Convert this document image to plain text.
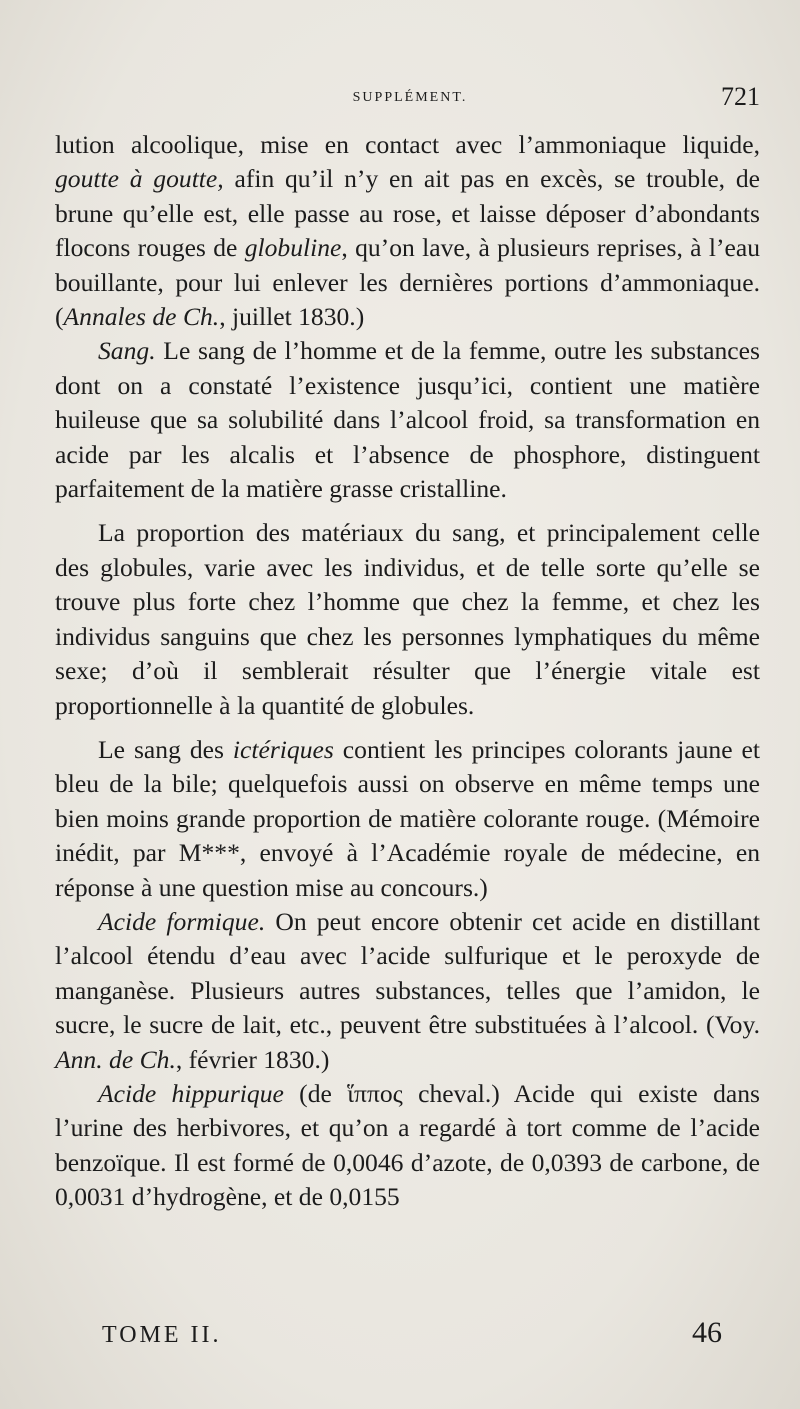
SUPPLÉMENT.	721

lution alcoolique, mise en contact avec l’ammoniaque liquide, goutte à goutte, afin qu’il n’y en ait pas en excès, se trouble, de brune qu’elle est, elle passe au rose, et laisse déposer d’abondants flocons rouges de globuline, qu’on lave, à plusieurs reprises, à l’eau bouillante, pour lui enlever les dernières portions d’ammoniaque. (Annales de Ch., juillet 1830.)

Sang. Le sang de l’homme et de la femme, outre les substances dont on a constaté l’existence jusqu’ici, contient une matière huileuse que sa solubilité dans l’alcool froid, sa transformation en acide par les alcalis et l’absence de phosphore, distinguent parfaitement de la matière grasse cristalline.

La proportion des matériaux du sang, et principalement celle des globules, varie avec les individus, et de telle sorte qu’elle se trouve plus forte chez l’homme que chez la femme, et chez les individus sanguins que chez les personnes lymphatiques du même sexe; d’où il semblerait résulter que l’énergie vitale est proportionnelle à la quantité de globules.

Le sang des ictériques contient les principes colorants jaune et bleu de la bile; quelquefois aussi on observe en même temps une bien moins grande proportion de matière colorante rouge. (Mémoire inédit, par M***, envoyé à l’Académie royale de médecine, en réponse à une question mise au concours.)

Acide formique. On peut encore obtenir cet acide en distillant l’alcool étendu d’eau avec l’acide sulfurique et le peroxyde de manganèse. Plusieurs autres substances, telles que l’amidon, le sucre, le sucre de lait, etc., peuvent être substituées à l’alcool. (Voy. Ann. de Ch., février 1830.)

Acide hippurique (de ἵππος cheval.) Acide qui existe dans l’urine des herbivores, et qu’on a regardé à tort comme de l’acide benzoïque. Il est formé de 0,0046 d’azote, de 0,0393 de carbone, de 0,0031 d’hydrogène, et de 0,0155

TOME II.	46
